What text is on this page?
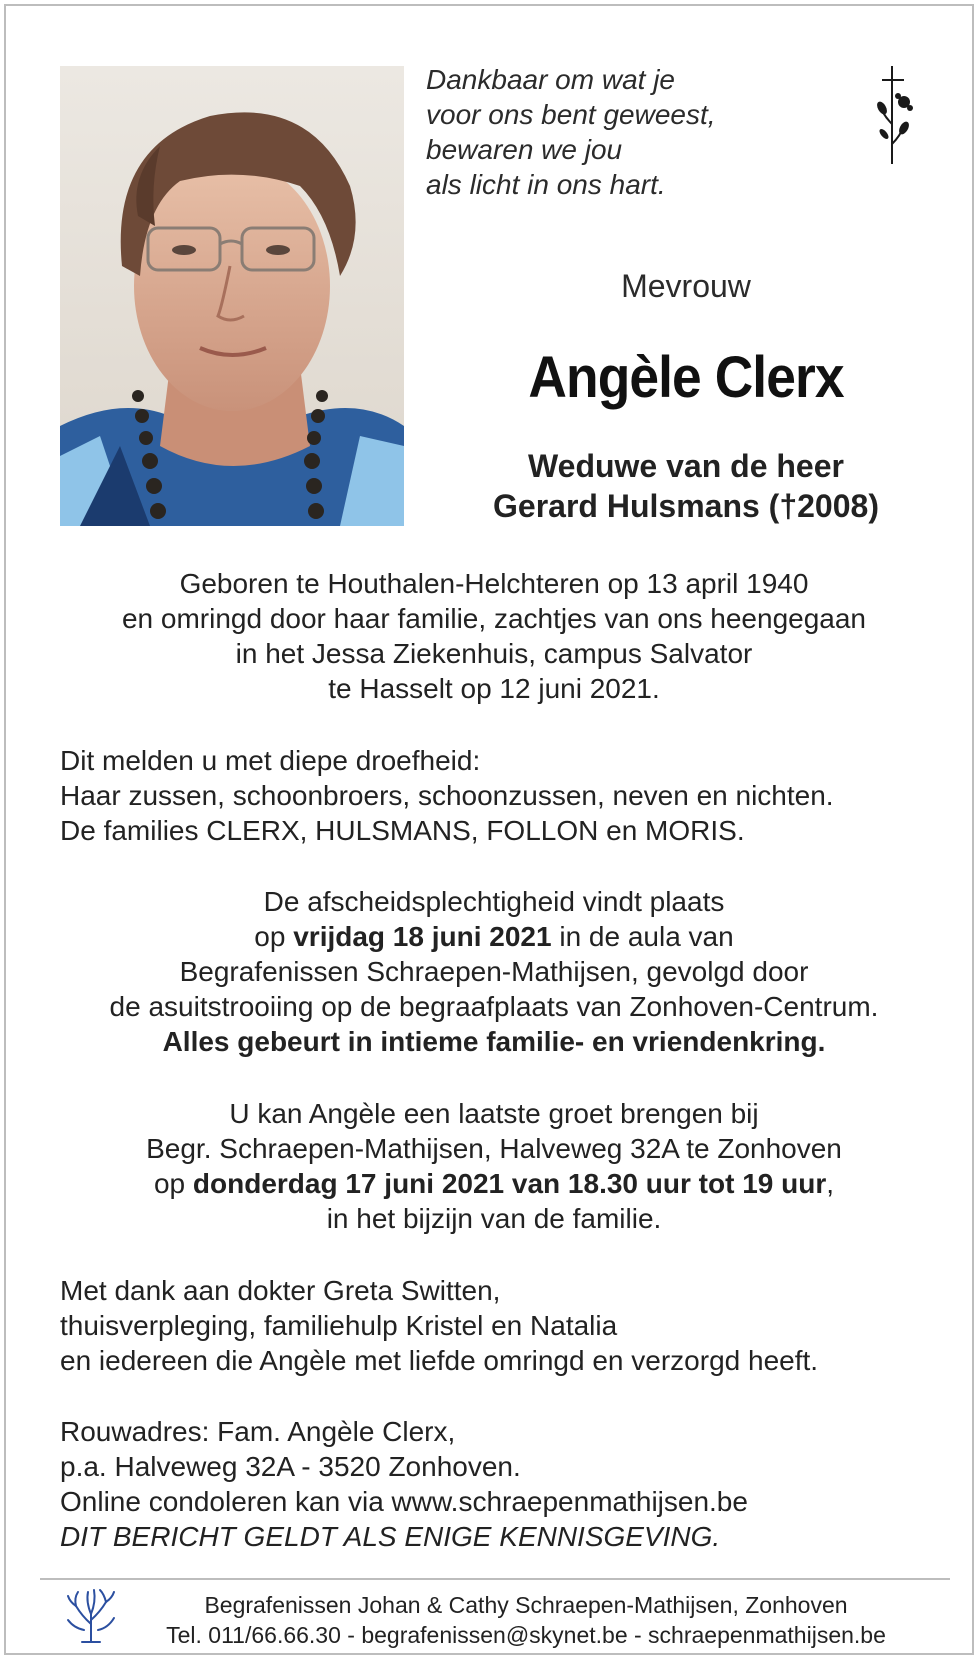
Dankbaar om wat je
voor ons bent geweest,
bewaren we jou
als licht in ons hart.
Mevrouw
Angèle Clerx
Weduwe van de heer
Gerard Hulsmans (†2008)
Geboren te Houthalen-Helchteren op 13 april 1940
en omringd door haar familie, zachtjes van ons heengegaan
in het Jessa Ziekenhuis, campus Salvator
te Hasselt op 12 juni 2021.
Dit melden u met diepe droefheid:
Haar zussen, schoonbroers, schoonzussen, neven en nichten.
De families CLERX, HULSMANS, FOLLON en MORIS.
De afscheidsplechtigheid vindt plaats
op vrijdag 18 juni 2021 in de aula van
Begrafenissen Schraepen-Mathijsen, gevolgd door
de asuitstrooiing op de begraafplaats van Zonhoven-Centrum.
Alles gebeurt in intieme familie- en vriendenkring.
U kan Angèle een laatste groet brengen bij
Begr. Schraepen-Mathijsen, Halveweg 32A te Zonhoven
op donderdag 17 juni 2021 van 18.30 uur tot 19 uur,
in het bijzijn van de familie.
Met dank aan dokter Greta Switten,
thuisverpleging, familiehulp Kristel en Natalia
en iedereen die Angèle met liefde omringd en verzorgd heeft.
Rouwadres: Fam. Angèle Clerx,
p.a. Halveweg 32A - 3520 Zonhoven.
Online condoleren kan via www.schraepenmathijsen.be
DIT BERICHT GELDT ALS ENIGE KENNISGEVING.
Begrafenissen Johan & Cathy Schraepen-Mathijsen, Zonhoven
Tel. 011/66.66.30 - begrafenissen@skynet.be - schraepenmathijsen.be
